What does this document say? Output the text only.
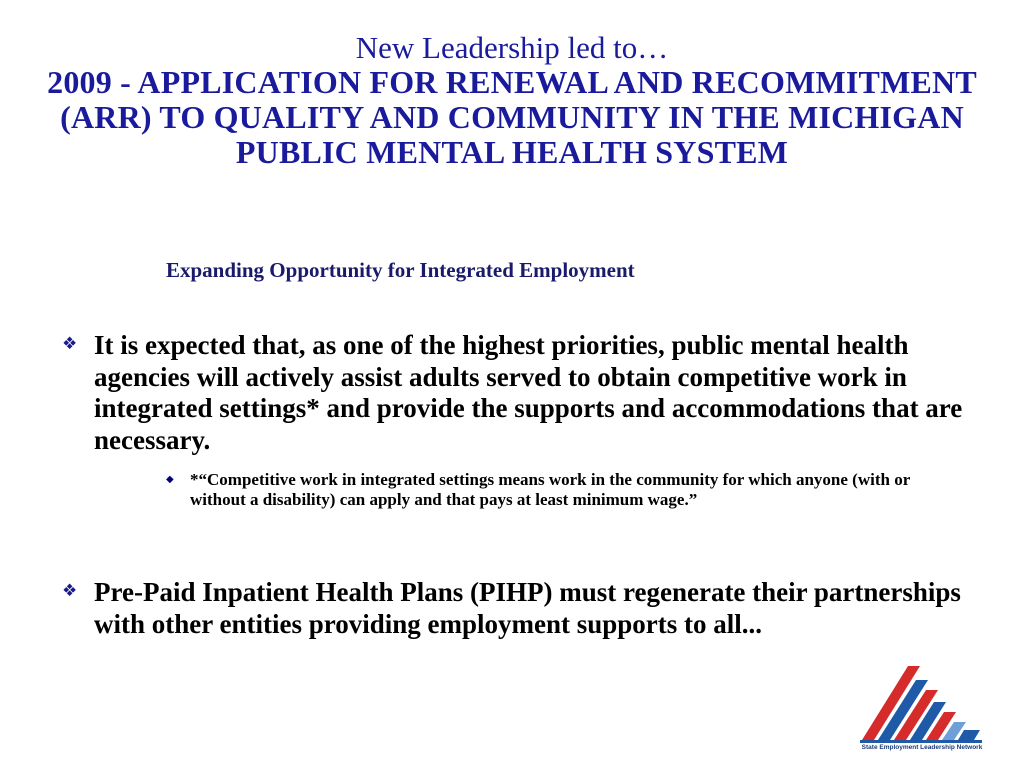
New Leadership led to…
2009 - APPLICATION FOR RENEWAL AND RECOMMITMENT (ARR) TO QUALITY AND COMMUNITY IN THE MICHIGAN PUBLIC MENTAL HEALTH SYSTEM
Expanding Opportunity for Integrated Employment
❖ It is expected that, as one of the highest priorities, public mental health agencies will actively assist adults served to obtain competitive work in integrated settings* and provide the supports and accommodations that are necessary.
◆ *“Competitive work in integrated settings means work in the community for which anyone (with or without a disability) can apply and that pays at least minimum wage.”
❖ Pre-Paid Inpatient Health Plans (PIHP) must regenerate their partnerships with other entities providing employment supports to all...
State Employment Leadership Network
